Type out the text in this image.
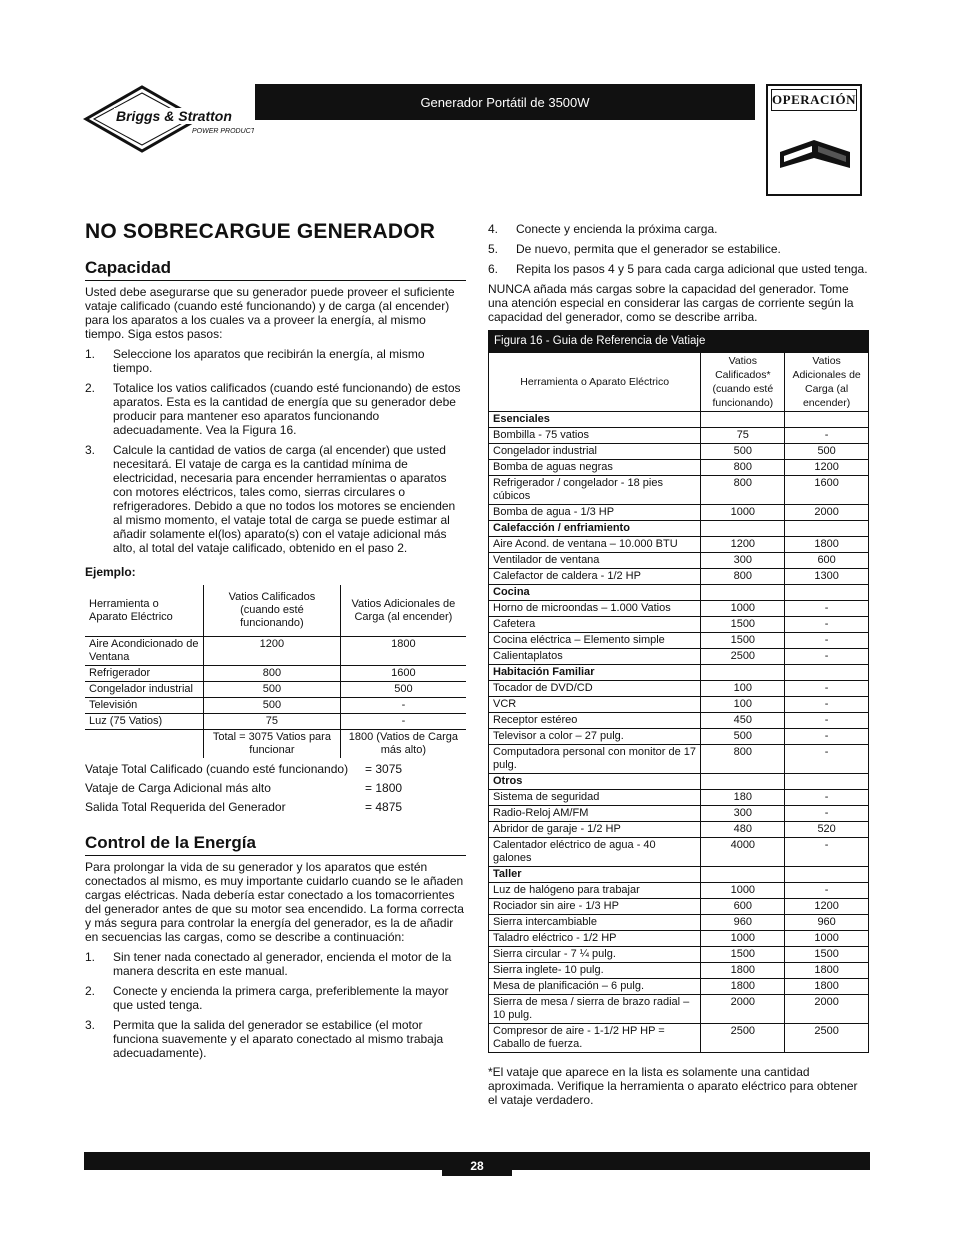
Briggs & Stratton
POWER PRODUCTS
Generador Portátil de 3500W	OPERACIÓN
NO SOBRECARGUE GENERADOR
Capacidad

Usted debe asegurarse que su generador puede proveer el suficiente vataje calificado (cuando esté funcionando) y de carga (al encender) para los aparatos a los cuales va a proveer la energía, al mismo tiempo. Siga estos pasos:

1.	Seleccione los aparatos que recibirán la energía, al mismo tiempo.
2.	Totalice los vatios calificados (cuando esté funcionando) de estos aparatos. Esta es la cantidad de energía que su generador debe producir para mantener eso aparatos funcionando adecuadamente. Vea la Figura 16.
3.	Calcule la cantidad de vatios de carga (al encender) que usted necesitará. El vataje de carga es la cantidad mínima de electricidad, necesaria para encender herramientas o aparatos con motores eléctricos, tales como, sierras circulares o refrigeradores. Debido a que no todos los motores se encienden al mismo momento, el vataje total de carga se puede estimar al añadir solamente el(los) aparato(s) con el vataje adicional más alto, al total del vataje calificado, obtenido en el paso 2.
Ejemplo:
Herramienta o Aparato Eléctrico	Vatios Calificados (cuando esté funcionando)	Vatios Adicionales de Carga (al encender)
Aire Acondicionado de Ventana	1200	1800
Refrigerador	800	1600
Congelador industrial	500	500
Televisión	500	-
Luz (75 Vatios)	75	-
	Total = 3075 Vatios para funcionar	1800 (Vatios de Carga más alto)
Vataje Total Calificado (cuando esté funcionando)	= 3075
Vataje de Carga Adicional más alto	= 1800
Salida Total Requerida del Generador	= 4875
Control de la Energía

Para prolongar la vida de su generador y los aparatos que estén conectados al mismo, es muy importante cuidarlo cuando se le añaden cargas eléctricas. Nada debería estar conectado a los tomacorrientes del generador antes de que su motor sea encendido. La forma correcta y más segura para controlar la energía del generador, es la de añadir en secuencias las cargas, como se describe a continuación:

1.	Sin tener nada conectado al generador, encienda el motor de la manera descrita en este manual.
2.	Conecte y encienda la primera carga, preferiblemente la mayor que usted tenga.
3.	Permita que la salida del generador se estabilice (el motor funciona suavemente y el aparato conectado al mismo trabaja adecuadamente).
4.	Conecte y encienda la próxima carga.
5.	De nuevo, permita que el generador se estabilice.
6.	Repita los pasos 4 y 5 para cada carga adicional que usted tenga.

NUNCA añada más cargas sobre la capacidad del generador. Tome una atención especial en considerar las cargas de corriente según la capacidad del generador, como se describe arriba.

Figura 16 - Guia de Referencia de Vatiaje
Herramienta o Aparato Eléctrico	Vatios Calificados* (cuando esté funcionando)	Vatios Adicionales de Carga (al encender)
Esenciales		
Bombilla - 75 vatios	75	-
Congelador industrial	500	500
Bomba de aguas negras	800	1200
Refrigerador / congelador - 18 pies cúbicos	800	1600
Bomba de agua - 1/3 HP	1000	2000
Calefacción / enfriamiento		
Aire Acond. de ventana – 10.000 BTU	1200	1800
Ventilador de ventana	300	600
Calefactor de caldera - 1/2 HP	800	1300
Cocina		
Horno de microondas – 1.000 Vatios	1000	-
Cafetera	1500	-
Cocina eléctrica – Elemento simple	1500	-
Calientaplatos	2500	-
Habitación Familiar		
Tocador de DVD/CD	100	-
VCR	100	-
Receptor estéreo	450	-
Televisor a color – 27 pulg.	500	-
Computadora personal con monitor de 17 pulg.	800	-
Otros		
Sistema de seguridad	180	-
Radio-Reloj AM/FM	300	-
Abridor de garaje - 1/2 HP	480	520
Calentador eléctrico de agua - 40 galones	4000	-
Taller		
Luz de halógeno para trabajar	1000	-
Rociador sin aire - 1/3 HP	600	1200
Sierra intercambiable	960	960
Taladro eléctrico - 1/2 HP	1000	1000
Sierra circular - 7 ¼ pulg.	1500	1500
Sierra inglete- 10 pulg.	1800	1800
Mesa de planificación – 6 pulg.	1800	1800
Sierra de mesa / sierra de brazo radial – 10 pulg.	2000	2000
Compresor de aire - 1-1/2 HP HP = Caballo de fuerza.	2500	2500

*El vataje que aparece en la lista es solamente una cantidad aproximada. Verifique la herramienta o aparato eléctrico para obtener el vataje verdadero.

28
